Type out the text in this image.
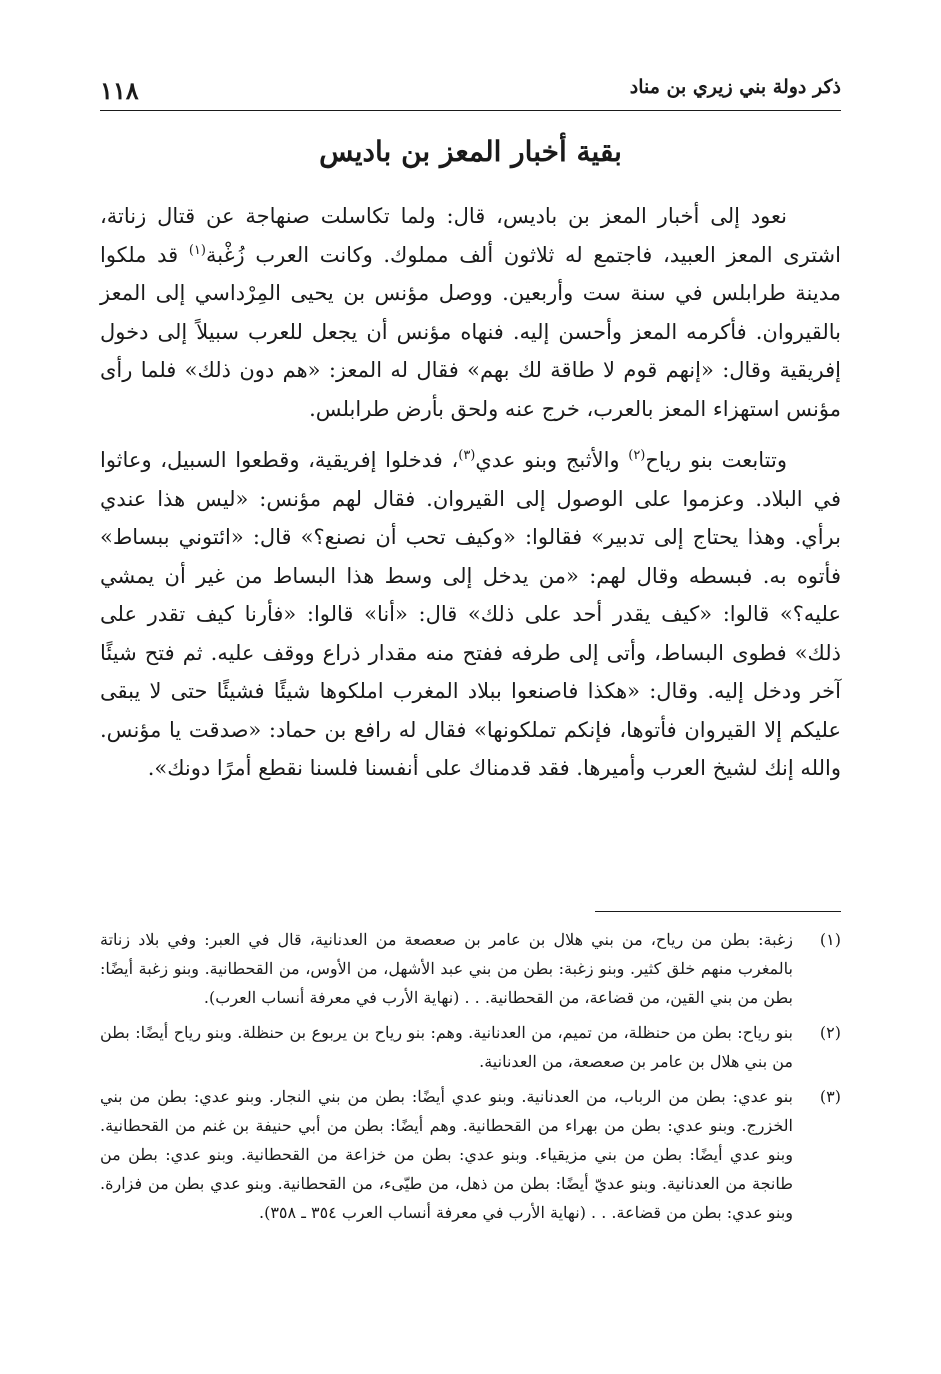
ذكر دولة بني زيري بن مناد
١١٨
بقية أخبار المعز بن باديس

نعود إلى أخبار المعز بن باديس، قال: ولما تكاسلت صنهاجة عن قتال زناتة، اشترى المعز العبيد، فاجتمع له ثلاثون ألف مملوك. وكانت العرب زُغْبة$^{(١)}$ قد ملكوا مدينة طرابلس في سنة ست وأربعين. ووصل مؤنس بن يحيى المِرْداسي إلى المعز بالقيروان. فأكرمه المعز وأحسن إليه. فنهاه مؤنس أن يجعل للعرب سبيلاً إلى دخول إفريقية وقال: «إنهم قوم لا طاقة لك بهم» فقال له المعز: «هم دون ذلك» فلما رأى مؤنس استهزاء المعز بالعرب، خرج عنه ولحق بأرض طرابلس.

وتتابعت بنو رياح$^{(٢)}$ والأثبج وبنو عدي$^{(٣)}$، فدخلوا إفريقية، وقطعوا السبيل، وعاثوا في البلاد. وعزموا على الوصول إلى القيروان. فقال لهم مؤنس: «ليس هذا عندي برأي. وهذا يحتاج إلى تدبير» فقالوا: «وكيف تحب أن نصنع؟» قال: «ائتوني ببساط» فأتوه به. فبسطه وقال لهم: «من يدخل إلى وسط هذا البساط من غير أن يمشي عليه؟» قالوا: «كيف يقدر أحد على ذلك» قال: «أنا» قالوا: «فأرنا كيف تقدر على ذلك» فطوى البساط، وأتى إلى طرفه ففتح منه مقدار ذراع ووقف عليه. ثم فتح شيئًا آخر ودخل إليه. وقال: «هكذا فاصنعوا ببلاد المغرب املكوها شيئًا فشيئًا حتى لا يبقى عليكم إلا القيروان فأتوها، فإنكم تملكونها» فقال له رافع بن حماد: «صدقت يا مؤنس. والله إنك لشيخ العرب وأميرها. فقد قدمناك على أنفسنا فلسنا نقطع أمرًا دونك».

(١)
زغبة: بطن من رياح، من بني هلال بن عامر بن صعصعة من العدنانية، قال في العبر: وفي بلاد زناتة بالمغرب منهم خلق كثير. وبنو زغبة: بطن من بني عبد الأشهل، من الأوس، من القحطانية. وبنو زغبة أيضًا: بطن من بني القين، من قضاعة، من القحطانية. . . (نهاية الأرب في معرفة أنساب العرب).
(٢)
بنو رياح: بطن من حنظلة، من تميم، من العدنانية. وهم: بنو رياح بن يربوع بن حنظلة. وبنو رياح أيضًا: بطن من بني هلال بن عامر بن صعصعة، من العدنانية.
(٣)
بنو عدي: بطن من الرباب، من العدنانية. وبنو عدي أيضًا: بطن من بني النجار. وبنو عدي: بطن من بني الخزرج. وبنو عدي: بطن من بهراء من القحطانية. وهم أيضًا: بطن من أبي حنيفة بن غنم من القحطانية. وبنو عدي أيضًا: بطن من بني مزيقياء. وبنو عدي: بطن من خزاعة من القحطانية. وبنو عدي: بطن من طانجة من العدنانية. وبنو عديّ أيضًا: بطن من ذهل، من طيّىء، من القحطانية. وبنو عدي بطن من فزارة. وبنو عدي: بطن من قضاعة. . . (نهاية الأرب في معرفة أنساب العرب ٣٥٤ ـ ٣٥٨).
